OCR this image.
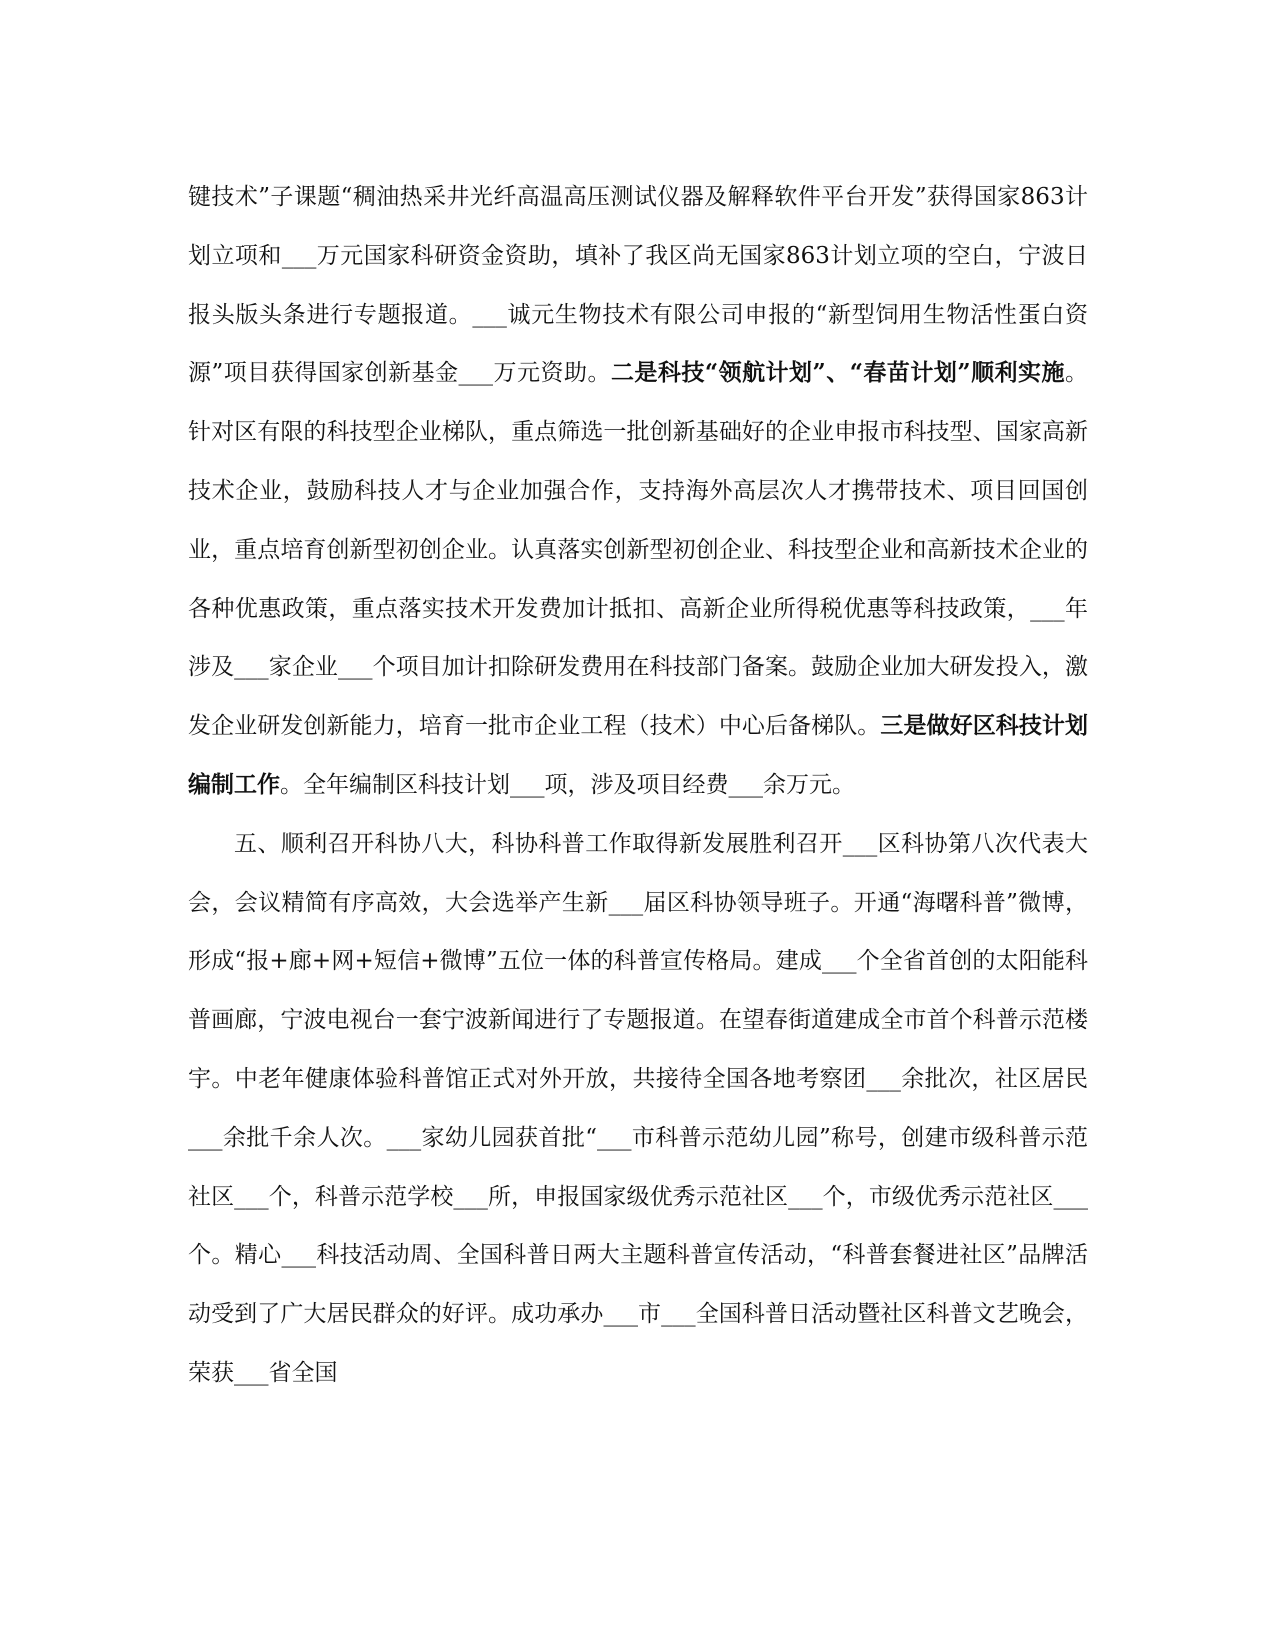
键技术”子课题“稠油热采井光纤高温高压测试仪器及解释软件平台开发”获得国家863计划立项和___万元国家科研资金资助，填补了我区尚无国家863计划立项的空白，宁波日报头版头条进行专题报道。___诚元生物技术有限公司申报的“新型饲用生物活性蛋白资源”项目获得国家创新基金___万元资助。二是科技“领航计划”、“春苗计划”顺利实施。针对区有限的科技型企业梯队，重点筛选一批创新基础好的企业申报市科技型、国家高新技术企业，鼓励科技人才与企业加强合作，支持海外高层次人才携带技术、项目回国创业，重点培育创新型初创企业。认真落实创新型初创企业、科技型企业和高新技术企业的各种优惠政策，重点落实技术开发费加计抵扣、高新企业所得税优惠等科技政策，___年涉及___家企业___个项目加计扣除研发费用在科技部门备案。鼓励企业加大研发投入，激发企业研发创新能力，培育一批市企业工程（技术）中心后备梯队。三是做好区科技计划编制工作。全年编制区科技计划___项，涉及项目经费___余万元。

五、顺利召开科协八大，科协科普工作取得新发展胜利召开___区科协第八次代表大会，会议精简有序高效，大会选举产生新___届区科协领导班子。开通“海曙科普”微博，形成“报+廊+网+短信+微博”五位一体的科普宣传格局。建成___个全省首创的太阳能科普画廊，宁波电视台一套宁波新闻进行了专题报道。在望春街道建成全市首个科普示范楼宇。中老年健康体验科普馆正式对外开放，共接待全国各地考察团___余批次，社区居民___余批千余人次。___家幼儿园获首批“___市科普示范幼儿园”称号，创建市级科普示范社区___个，科普示范学校___所，申报国家级优秀示范社区___个，市级优秀示范社区___个。精心___科技活动周、全国科普日两大主题科普宣传活动，“科普套餐进社区”品牌活动受到了广大居民群众的好评。成功承办___市___全国科普日活动暨社区科普文艺晚会，荣获___省全国
